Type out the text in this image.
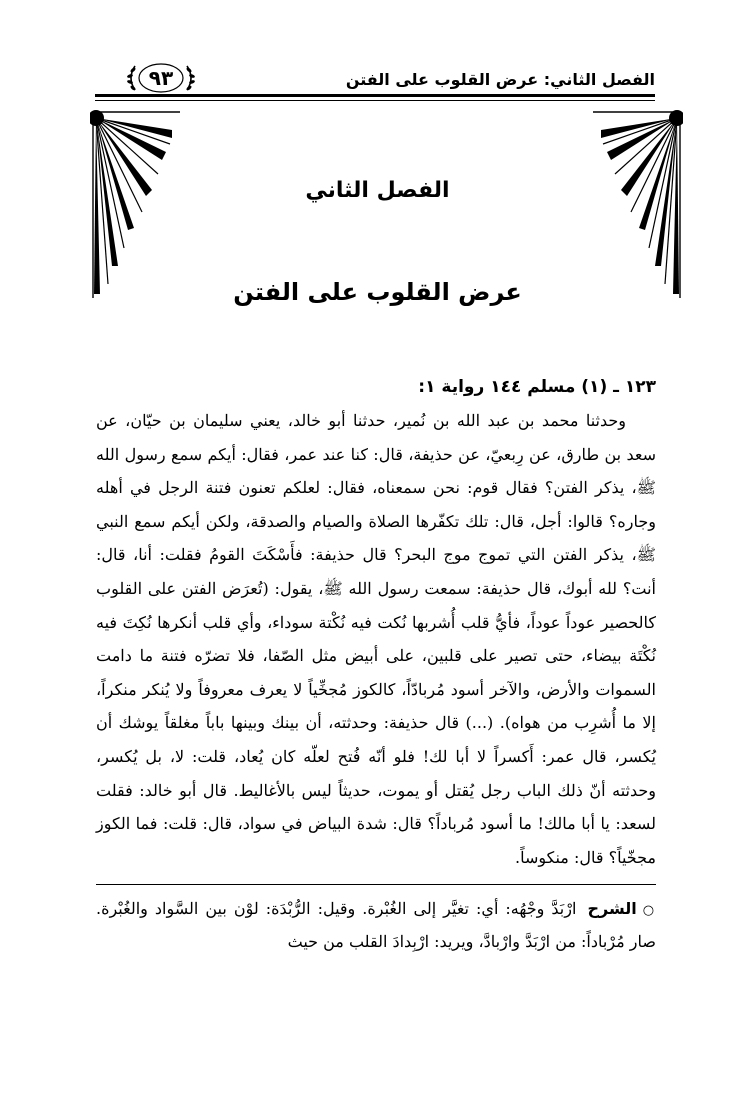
الفصل الثاني: عرض القلوب على الفتن
٩٣
الفصل الثاني
عرض القلوب على الفتن
١٢٣ ـ (١) مسلم ١٤٤ رواية ١:

وحدثنا محمد بن عبد الله بن نُمير، حدثنا أبو خالد، يعني سليمان بن حيّان، عن سعد بن طارق، عن رِبعيّ، عن حذيفة، قال: كنا عند عمر، فقال: أيكم سمع رسول الله ﷺ، يذكر الفتن؟ فقال قوم: نحن سمعناه، فقال: لعلكم تعنون فتنة الرجل في أهله وجاره؟ قالوا: أجل، قال: تلك تكفّرها الصلاة والصيام والصدقة، ولكن أيكم سمع النبي ﷺ، يذكر الفتن التي تموج موج البحر؟ قال حذيفة: فأَسْكَتَ القومُ فقلت: أنا، قال: أنت؟ لله أبوك، قال حذيفة: سمعت رسول الله ﷺ، يقول: (تُعرَض الفتن على القلوب كالحصير عوداً عوداً، فأيُّ قلب أُشربها نُكت فيه نُكْتة سوداء، وأي قلب أنكرها نُكِتَ فيه نُكْتَة بيضاء، حتى تصير على قلبين، على أبيض مثل الصّفا، فلا تضرّه فتنة ما دامت السموات والأرض، والآخر أسود مُربادّاً، كالكوز مُجخِّياً لا يعرف معروفاً ولا يُنكر منكراً، إلا ما أُشرِب من هواه). (...) قال حذيفة: وحدثته، أن بينك وبينها باباً مغلقاً يوشك أن يُكسر، قال عمر: أَكسراً لا أبا لك! فلو أنّه فُتح لعلّه كان يُعاد، قلت: لا، بل يُكسر، وحدثته أنّ ذلك الباب رجل يُقتل أو يموت، حديثاً ليس بالأغاليط. قال أبو خالد: فقلت لسعد: يا أبا مالك! ما أسود مُرباداً؟ قال: شدة البياض في سواد، قال: قلت: فما الكوز مجخّياً؟ قال: منكوساً.

○الشرح ارْبَدَّ وجْهُه: أي: تغيَّر إلى الغُبْرة. وقيل: الرُّبْدَة: لوْن بين السَّواد والغُبْرة. صار مُرْباداً: من ارْبَدَّ وارْبادَّ، ويريد: ارْبِدادَ القلب من حيث
